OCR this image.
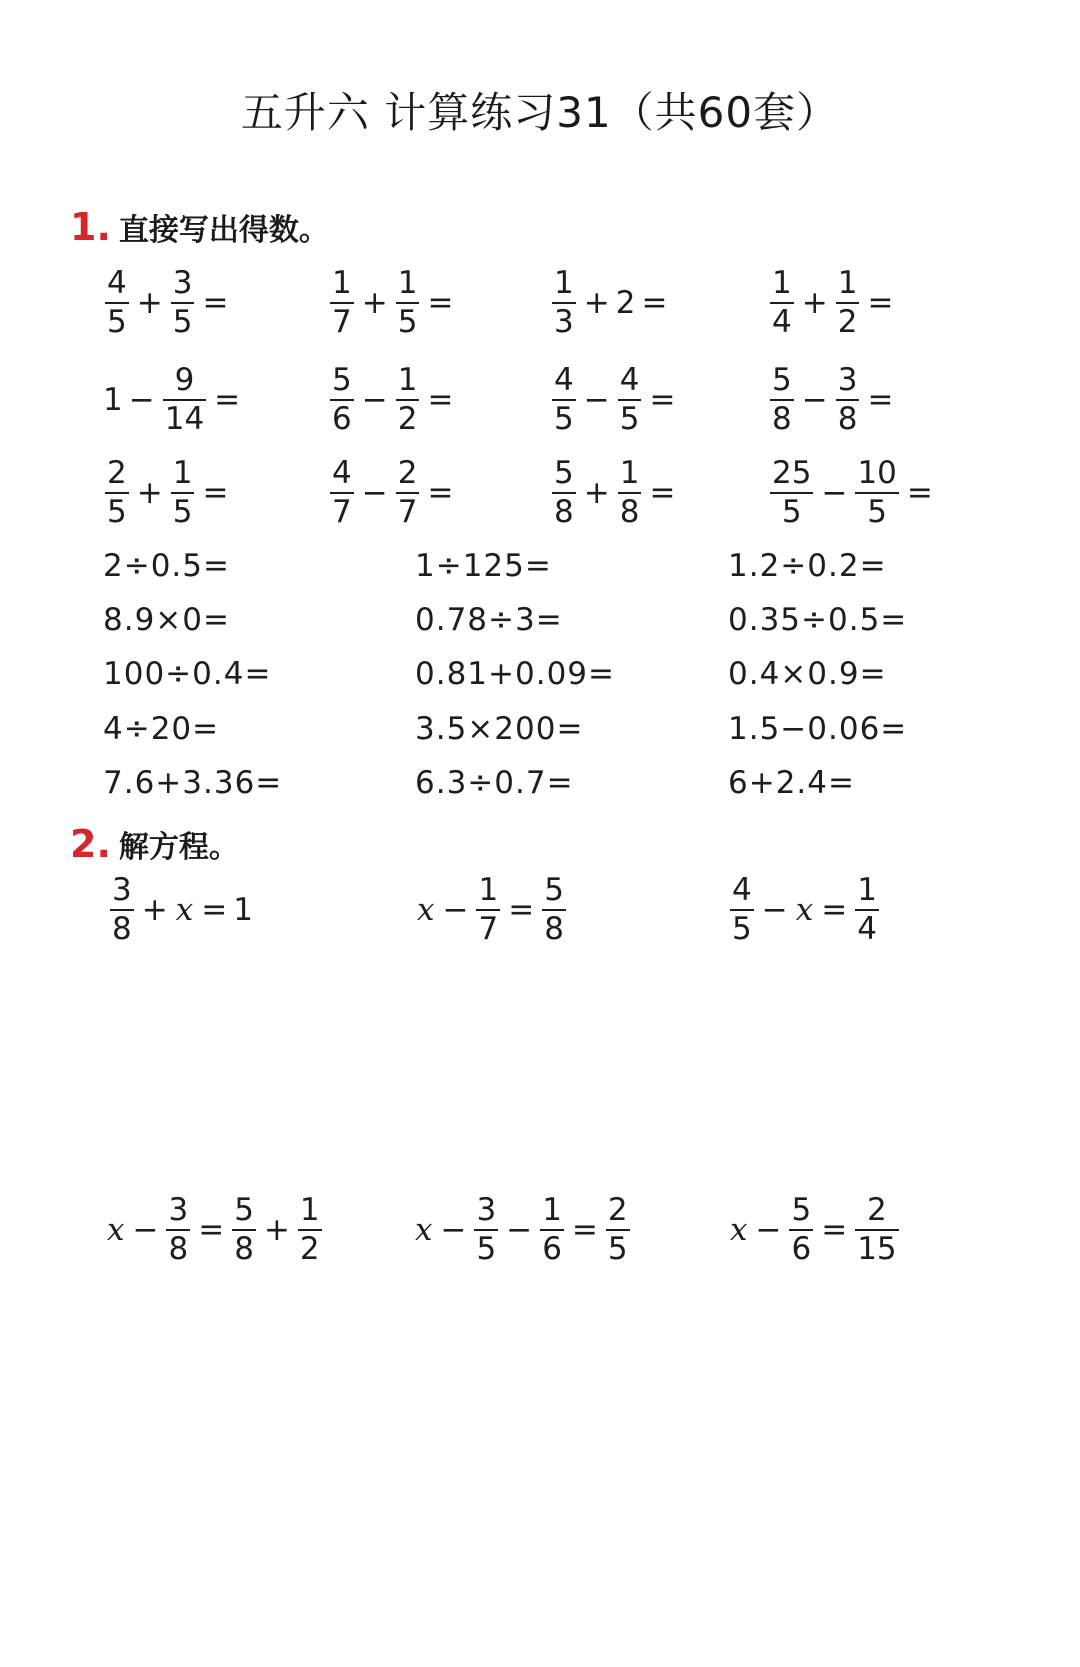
五升六 计算练习31（共60套）
1. 直接写出得数。
$\frac{4}{5} + \frac{3}{5}$ =	$\frac{1}{7} + \frac{1}{5}$ =	$\frac{1}{3} + 2$ =	$\frac{1}{4} + \frac{1}{2}$ =
$1 - \frac{9}{14}$ =	$\frac{5}{6} - \frac{1}{2}$ =	$\frac{4}{5} - \frac{4}{5}$ =	$\frac{5}{8} - \frac{3}{8}$ =
$\frac{2}{5} + \frac{1}{5}$ =	$\frac{4}{7} - \frac{2}{7}$ =	$\frac{5}{8} + \frac{1}{8}$ =	$\frac{25}{5} - \frac{10}{5}$ =
2÷0.5=	1÷125=	1.2÷0.2=
8.9×0=	0.78÷3=	0.35÷0.5=
100÷0.4=	0.81+0.09=	0.4×0.9=
4÷20=	3.5×200=	1.5−0.06=
7.6+3.36=	6.3÷0.7=	6+2.4=
2. 解方程。
$\frac{3}{8} + x = 1$	$x - \frac{1}{7} = \frac{5}{8}$	$\frac{4}{5} - x = \frac{1}{4}$
$x - \frac{3}{8} = \frac{5}{8} + \frac{1}{2}$	$x - \frac{3}{5} - \frac{1}{6} = \frac{2}{5}$	$x - \frac{5}{6} = \frac{2}{15}$
